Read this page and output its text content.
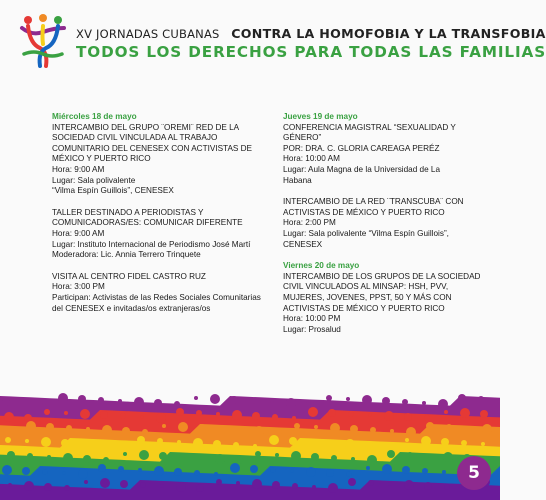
XV JORNADAS CUBANAS CONTRA LA HOMOFOBIA Y LA TRANSFOBIA
TODOS LOS DERECHOS PARA TODAS LAS FAMILIAS

Miércoles 18 de mayo

INTERCAMBIO DEL GRUPO ¨OREMI¨ RED DE LA
SOCIEDAD CIVIL VINCULADA AL TRABAJO
COMUNITARIO DEL CENESEX CON ACTIVISTAS DE
MÉXICO Y PUERTO RICO
Hora: 9:00 AM
Lugar: Sala polivalente
“Vilma Espín Guillois”, CENESEX
TALLER DESTINADO A PERIODISTAS Y
COMUNICADORAS/ES: COMUNICAR DIFERENTE
Hora: 9:00 AM
Lugar: Instituto Internacional de Periodismo José Martí
Moderadora: Lic. Annia Terrero Trinquete
VISITA AL CENTRO FIDEL CASTRO RUZ
Hora: 3:00 PM
Participan: Activistas de las Redes Sociales Comunitarias
del CENESEX e invitadas/os extranjeras/os

Jueves 19 de mayo

CONFERENCIA MAGISTRAL “SEXUALIDAD Y
GÉNERO”
POR: DRA. C. GLORIA CAREAGA PERÉZ
Hora: 10:00 AM
Lugar: Aula Magna de la Universidad de La
Habana
INTERCAMBIO DE LA RED ¨TRANSCUBA¨ CON
ACTIVISTAS DE MÉXICO Y PUERTO RICO
Hora: 2:00 PM
Lugar: Sala polivalente “Vilma Espín Guillois”,
CENESEX

Viernes 20 de mayo

INTERCAMBIO DE LOS GRUPOS DE LA SOCIEDAD
CIVIL VINCULADOS AL MINSAP: HSH, PVV,
MUJERES, JOVENES, PPST, 50 Y MÁS CON
ACTIVISTAS DE MÉXICO Y PUERTO RICO
Hora: 10:00 PM
Lugar: Prosalud
5
